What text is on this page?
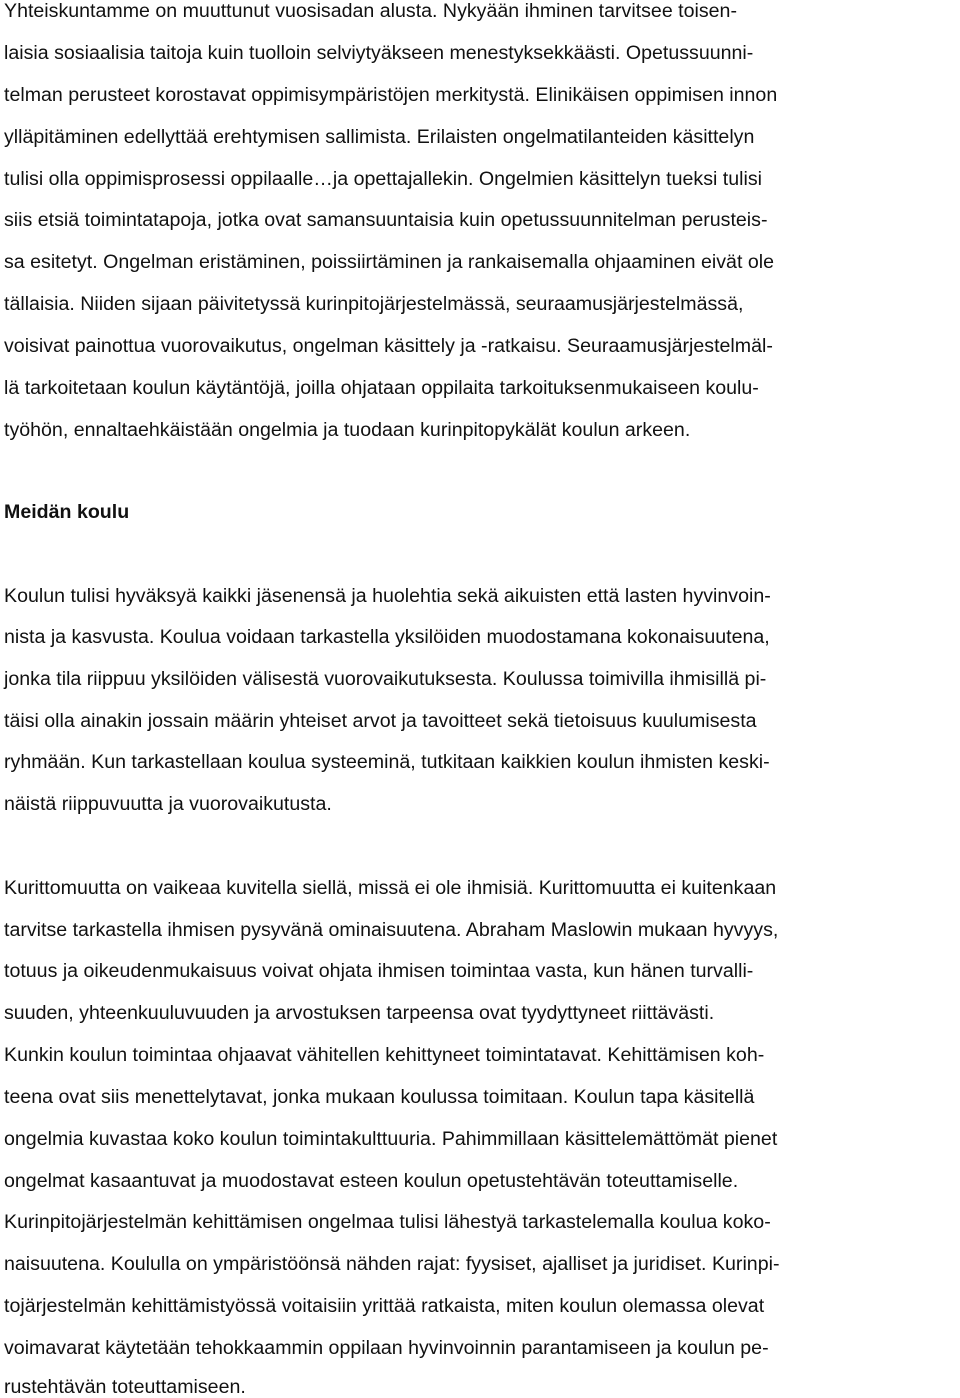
Yhteiskuntamme on muuttunut vuosisadan alusta. Nykyään ihminen tarvitsee toisen-
laisia sosiaalisia taitoja kuin tuolloin selviytyäkseen menestyksekkäästi. Opetussuunni-
telman perusteet korostavat oppimisympäristöjen merkitystä. Elinikäisen oppimisen innon
ylläpitäminen edellyttää erehtymisen sallimista. Erilaisten ongelmatilanteiden käsittelyn
tulisi olla oppimisprosessi oppilaalle…ja opettajallekin. Ongelmien käsittelyn tueksi tulisi
siis etsiä toimintatapoja, jotka ovat samansuuntaisia kuin opetussuunnitelman perusteis-
sa esitetyt. Ongelman eristäminen, poissiirtäminen ja rankaisemalla ohjaaminen eivät ole
tällaisia. Niiden sijaan päivitetyssä kurinpitojärjestelmässä, seuraamusjärjestelmässä,
voisivat painottua vuorovaikutus, ongelman käsittely ja -ratkaisu. Seuraamusjärjestelmäl-
lä tarkoitetaan koulun käytäntöjä, joilla ohjataan oppilaita tarkoituksenmukaiseen koulu-
työhön, ennaltaehkäistään ongelmia ja tuodaan kurinpitopykälät koulun arkeen.
Meidän koulu
Koulun tulisi hyväksyä kaikki jäsenensä ja huolehtia sekä aikuisten että lasten hyvinvoin-
nista ja kasvusta. Koulua voidaan tarkastella yksilöiden muodostamana kokonaisuutena,
jonka tila riippuu yksilöiden välisestä vuorovaikutuksesta. Koulussa toimivilla ihmisillä pi-
täisi olla ainakin jossain määrin yhteiset arvot ja tavoitteet sekä tietoisuus kuulumisesta
ryhmään. Kun tarkastellaan koulua systeeminä, tutkitaan kaikkien koulun ihmisten keski-
näistä riippuvuutta ja vuorovaikutusta.
Kurittomuutta on vaikeaa kuvitella siellä, missä ei ole ihmisiä. Kurittomuutta ei kuitenkaan
tarvitse tarkastella ihmisen pysyvänä ominaisuutena. Abraham Maslowin mukaan hyvyys,
totuus ja oikeudenmukaisuus voivat ohjata ihmisen toimintaa vasta, kun hänen turvalli-
suuden, yhteenkuuluvuuden ja arvostuksen tarpeensa ovat tyydyttyneet riittävästi.
Kunkin koulun toimintaa ohjaavat vähitellen kehittyneet toimintatavat. Kehittämisen koh-
teena ovat siis menettelytavat, jonka mukaan koulussa toimitaan. Koulun tapa käsitellä
ongelmia kuvastaa koko koulun toimintakulttuuria. Pahimmillaan käsittelemättömät pienet
ongelmat kasaantuvat ja muodostavat esteen koulun opetustehtävän toteuttamiselle.
Kurinpitojärjestelmän kehittämisen ongelmaa tulisi lähestyä tarkastelemalla koulua koko-
naisuutena. Koululla on ympäristöönsä nähden rajat: fyysiset, ajalliset ja juridiset. Kurinpi-
tojärjestelmän kehittämistyössä voitaisiin yrittää ratkaista, miten koulun olemassa olevat
voimavarat käytetään tehokkaammin oppilaan hyvinvoinnin parantamiseen ja koulun pe-
rustehtävän toteuttamiseen.
